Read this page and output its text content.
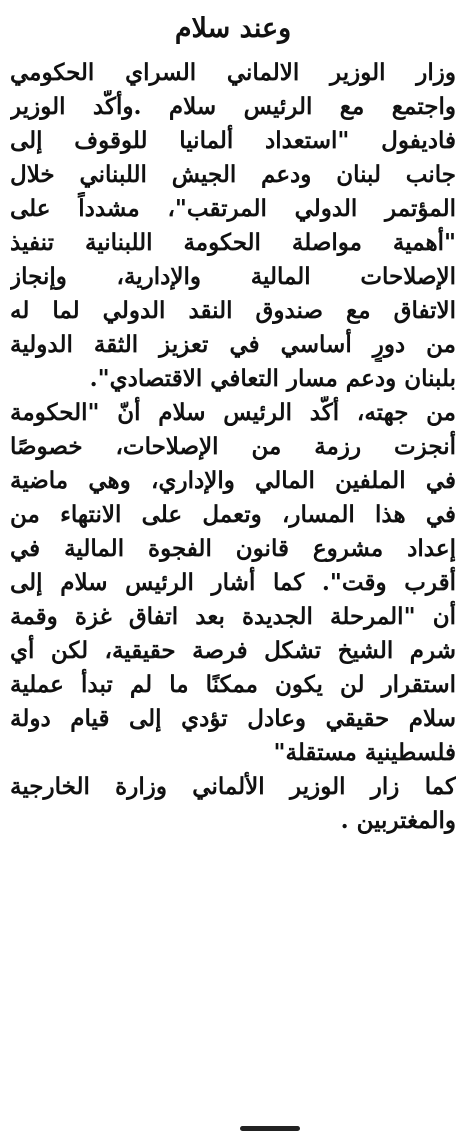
وعند سلام

وزار الوزير الالماني السراي الحكومي
واجتمع مع الرئيس سلام .وأكّد الوزير
فاديفول "استعداد ألمانيا للوقوف إلى
جانب لبنان ودعم الجيش اللبناني خلال
المؤتمر الدولي المرتقب"، مشدداً على
"أهمية مواصلة الحكومة اللبنانية تنفيذ
الإصلاحات المالية والإدارية، وإنجاز
الاتفاق مع صندوق النقد الدولي لما له
من دورٍ أساسي في تعزيز الثقة الدولية
بلبنان ودعم مسار التعافي الاقتصادي".

من جهته، أكّد الرئيس سلام أنّ "الحكومة
أنجزت رزمة من الإصلاحات، خصوصًا
في الملفين المالي والإداري، وهي ماضية
في هذا المسار، وتعمل على الانتهاء من
إعداد مشروع قانون الفجوة المالية في
أقرب وقت". كما أشار الرئيس سلام إلى
أن "المرحلة الجديدة بعد اتفاق غزة وقمة
شرم الشيخ تشكل فرصة حقيقية، لكن أي
استقرار لن يكون ممكنًا ما لم تبدأ عملية
سلام حقيقي وعادل تؤدي إلى قيام دولة
فلسطينية مستقلة"

كما زار الوزير الألماني وزارة الخارجية
والمغتربين .
